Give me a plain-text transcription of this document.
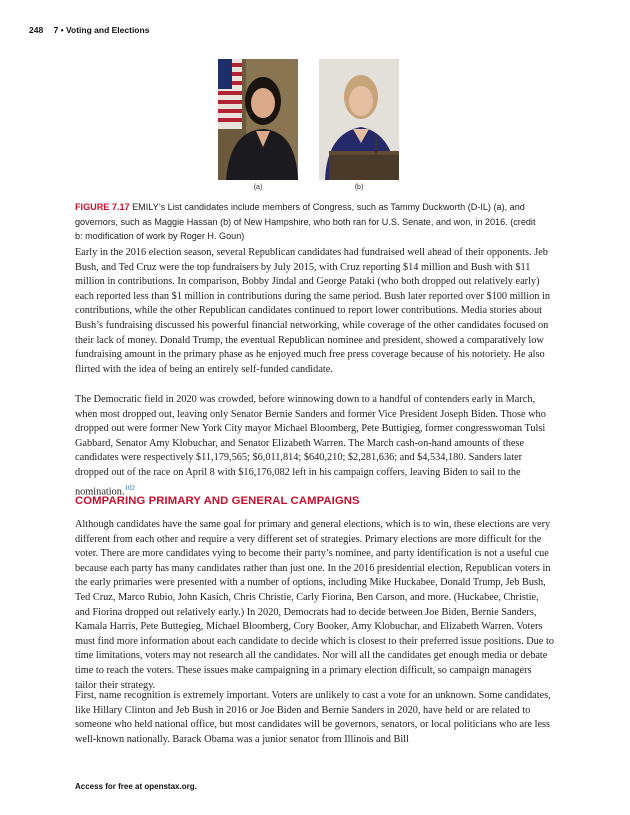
248 7 • Voting and Elections
(a)	(b)
FIGURE 7.17 EMILY’s List candidates include members of Congress, such as Tammy Duckworth (D-IL) (a), and governors, such as Maggie Hassan (b) of New Hampshire, who both ran for U.S. Senate, and won, in 2016. (credit b: modification of work by Roger H. Goun)

Early in the 2016 election season, several Republican candidates had fundraised well ahead of their opponents. Jeb Bush, and Ted Cruz were the top fundraisers by July 2015, with Cruz reporting $14 million and Bush with $11 million in contributions. In comparison, Bobby Jindal and George Pataki (who both dropped out relatively early) each reported less than $1 million in contributions during the same period. Bush later reported over $100 million in contributions, while the other Republican candidates continued to report lower contributions. Media stories about Bush’s fundraising discussed his powerful financial networking, while coverage of the other candidates focused on their lack of money. Donald Trump, the eventual Republican nominee and president, showed a comparatively low fundraising amount in the primary phase as he enjoyed much free press coverage because of his notoriety. He also flirted with the idea of being an entirely self-funded candidate.

The Democratic field in 2020 was crowded, before winnowing down to a handful of contenders early in March, when most dropped out, leaving only Senator Bernie Sanders and former Vice President Joseph Biden. Those who dropped out were former New York City mayor Michael Bloomberg, Pete Buttigieg, former congresswoman Tulsi Gabbard, Senator Amy Klobuchar, and Senator Elizabeth Warren. The March cash-on-hand amounts of these candidates were respectively $11,179,565; $6,011,814; $640,210; $2,281,636; and $4,534,180. Sanders later dropped out of the race on April 8 with $16,176,082 left in his campaign coffers, leaving Biden to sail to the nomination.$^{102}$

COMPARING PRIMARY AND GENERAL CAMPAIGNS

Although candidates have the same goal for primary and general elections, which is to win, these elections are very different from each other and require a very different set of strategies. Primary elections are more difficult for the voter. There are more candidates vying to become their party’s nominee, and party identification is not a useful cue because each party has many candidates rather than just one. In the 2016 presidential election, Republican voters in the early primaries were presented with a number of options, including Mike Huckabee, Donald Trump, Jeb Bush, Ted Cruz, Marco Rubio, John Kasich, Chris Christie, Carly Fiorina, Ben Carson, and more. (Huckabee, Christie, and Fiorina dropped out relatively early.) In 2020, Democrats had to decide between Joe Biden, Bernie Sanders, Kamala Harris, Pete Buttegieg, Michael Bloomberg, Cory Booker, Amy Klobuchar, and Elizabeth Warren. Voters must find more information about each candidate to decide which is closest to their preferred issue positions. Due to time limitations, voters may not research all the candidates. Nor will all the candidates get enough media or debate time to reach the voters. These issues make campaigning in a primary election difficult, so campaign managers tailor their strategy.

First, name recognition is extremely important. Voters are unlikely to cast a vote for an unknown. Some candidates, like Hillary Clinton and Jeb Bush in 2016 or Joe Biden and Bernie Sanders in 2020, have held or are related to someone who held national office, but most candidates will be governors, senators, or local politicians who are less well-known nationally. Barack Obama was a junior senator from Illinois and Bill

Access for free at openstax.org.
